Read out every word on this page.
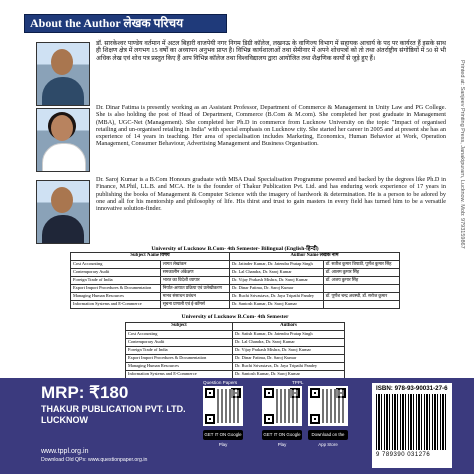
About the Author लेखक परिचय

डॉ. सारकेश्वर पाण्डेय वर्तमान में अटल बिहारी वाजपेयी नगर निगम डिग्री कॉलेज, लखनऊ के वाणिज्य विभाग में सहायक आचार्य के पद पर कार्यरत हैं इसके साथ ही शिक्षण क्षेत्र में लगभग 15 वर्षों का अध्यापन अनुभव प्राप्त है। विभिन्न कार्यशालाओं तथा सेमीनार में अपने शोधपत्रों को तो तथा अंतर्राष्ट्रीय संगोष्ठियों में 50 से भी अधिक लेख एवं शोध पत्र प्रस्तुत किए हैं आप विभिन्न कॉलेज तथा विश्वविद्यालय द्वारा आयोजित तथा शैक्षणिक कार्यों से जुड़े हुए हैं।

Dr. Dinar Fatima is presently working as an Assistant Professor, Department of Commerce & Management in Unity Law and PG College. She is also holding the post of Head of Department, Commerce (B.Com & M.com). She completed her post graduate in Management (MBA), UGC-Net (Management). She completed her Ph.D in commerce from Lucknow University on the topic "Impact of organised retailing and un-organised retailing in India" with special emphasis on Lucknow city. She started her career in 2005 and at present she has an experience of 14 years in teaching. Her area of specialisation includes Marketing, Economics, Human Behavior at Work, Operation Management, Consumer Behaviour, Advertising Management and Business Organisation.

Dr. Saroj Kumar is a B.Com Honours graduate with MBA Dual Specialisation Programme powered and backed by the degrees like Ph.D in Finance, M.Phil, LL.B. and MCA. He is the founder of Thakur Publication Pvt. Ltd. and has enduring work experience of 17 years in publishing the books of Management & Computer Science with the imagery of hardwork & determination. He is a person to be adored by one and all for his mentorship and philosophy of life. His thirst and trust to gain masters in every field has turned him to be a versatile innovative solution-finder.	Printed at: Sanjeev Printing Press, Janakipuram, Lucknow. Mob: 9793159867
University of Lucknow B.Com- 4th Semester- Bilingual (English-हिन्दी)
Subject Name विषय		Author Name लेखक नाम	
Cost Accounting	लागत लेखांकन	Dr. Jatinder Kumar, Dr. Jatendra Pratap Singh	डॉ. सतीश कुमार त्रिपाठी, पूर्णेश कुमार सिंह
Contemporary Audit	समकालीन अंकेक्षण	Dr. Lal Chandra, Dr. Saroj Kumar	डॉ. आलम कुमार सिंह
Foreign Trade of India	भारत का विदेशी व्यापार	Dr. Vijay Prakash Mishra, Dr. Saroj Kumar	डॉ. अजय कुमार सिंह
Export Import Procedures & Documentation	निर्यात-आयात प्रक्रिया एवं प्रलेखीकरण	Dr. Dinar Fatima, Dr. Saroj Kumar	
Managing Human Resources	मानव संसाधन प्रबंधन	Dr. Ruchi Srivastava, Dr. Jaya Tripathi Pandey	डॉ. पूर्णेश चन्द्र अवस्थी, डॉ. सरोज कुमार
Information Systems and E-Commerce	सूचना प्रणाली एवं ई-कॉमर्स	Dr. Santosh Kumar, Dr. Saroj Kumar	
University of Lucknow B.Com- 4th Semester
Subject	Authors
Cost Accounting	Dr. Satish Kumar, Dr. Jatendra Pratap Singh
Contemporary Audit	Dr. Lal Chandra, Dr. Saroj Kumar
Foreign Trade of India	Dr. Vijay Prakash Mishra, Dr. Saroj Kumar
Export Import Procedures & Documentation	Dr. Dinar Fatima, Dr. Saroj Kumar
Managing Human Resources	Dr. Ruchi Srivastava, Dr. Jaya Tripathi Pandey
Information Systems and E-Commerce	Dr. Santosh Kumar, Dr. Saroj Kumar
MRP: ₹180
THAKUR PUBLICATION PVT. LTD.
LUCKNOW
www.tppl.org.in
Download Old QPs: www.questionpaper.org.in
Question Papers
GET IT ON Google Play
TPPL
GET IT ON Google Play
Download on the App Store
ISBN: 978-93-90031-27-6
9 789390 031276
